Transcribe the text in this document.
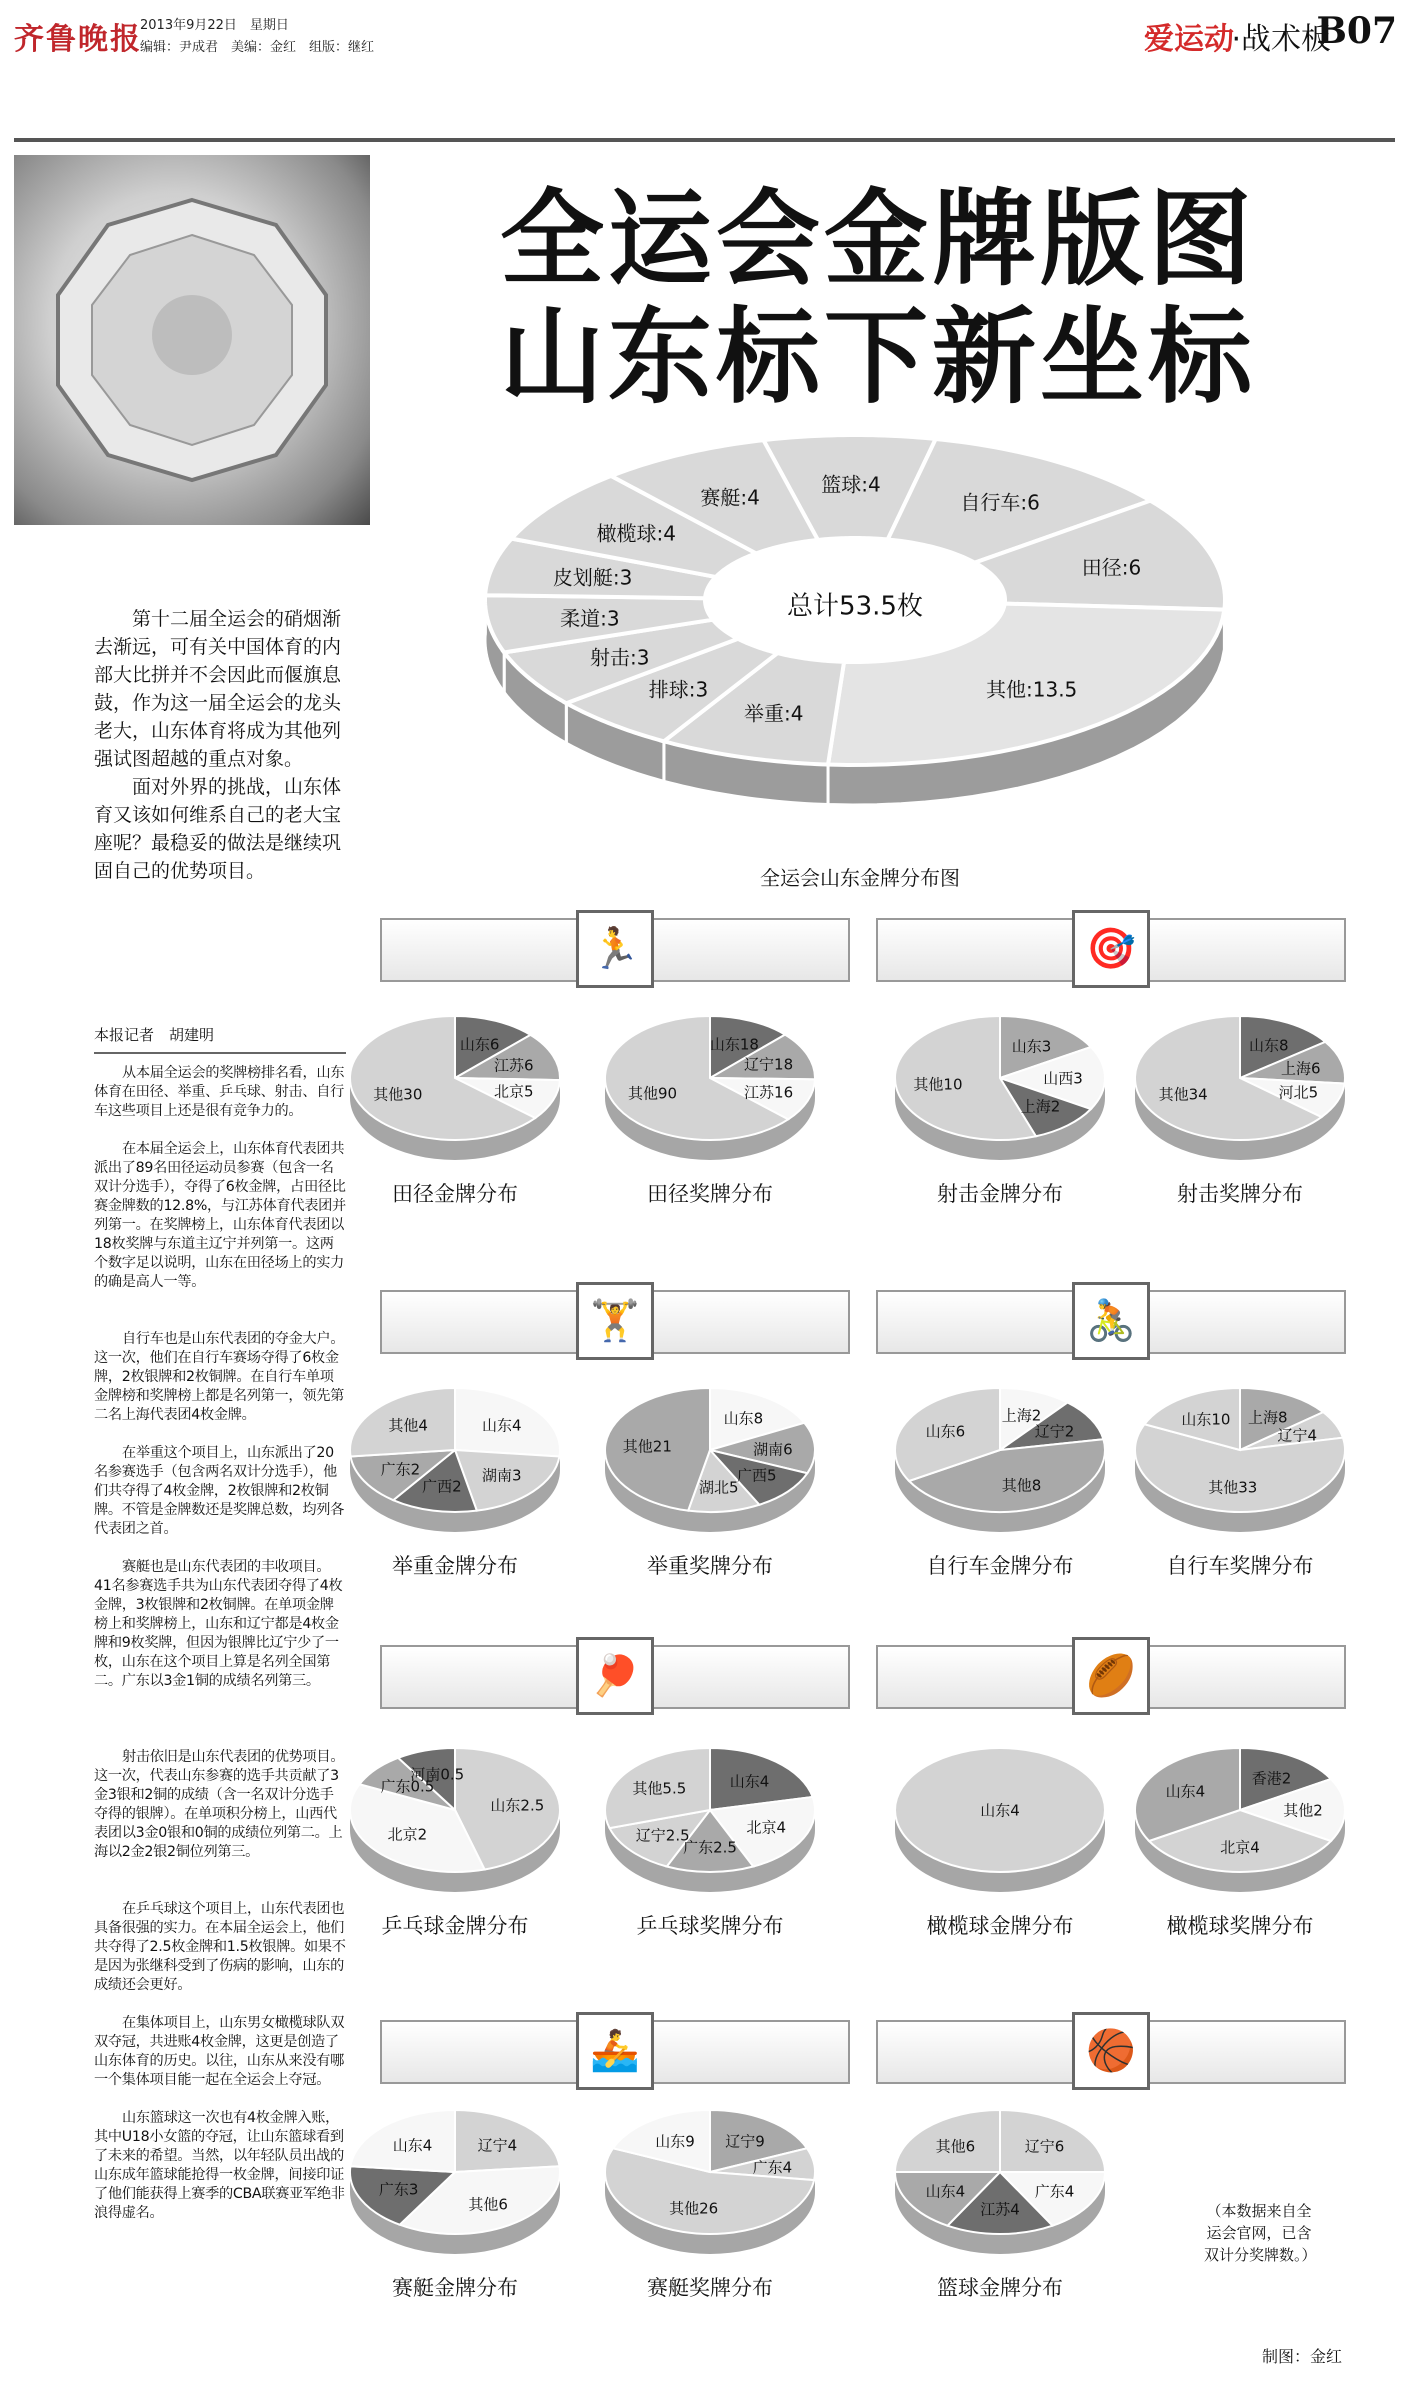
齐鲁晚报
2013年9月22日　星期日
编辑：尹成君　美编：金红　组版：继红	爱运动
·战术板
B07
全运会金牌版图
山东标下新坐标
第十二届全运会的硝烟渐去渐远，可有关中国体育的内部大比拼并不会因此而偃旗息鼓，作为这一届全运会的龙头老大，山东体育将成为其他列强试图超越的重点对象。
面对外界的挑战，山东体育又该如何维系自己的老大宝座呢？最稳妥的做法是继续巩固自己的优势项目。
本报记者　胡建明
从本届全运会的奖牌榜排名看，山东体育在田径、举重、乒乓球、射击、自行车这些项目上还是很有竞争力的。
在本届全运会上，山东体育代表团共派出了89名田径运动员参赛（包含一名双计分选手），夺得了6枚金牌，占田径比赛金牌数的12.8%，与江苏体育代表团并列第一。在奖牌榜上，山东体育代表团以18枚奖牌与东道主辽宁并列第一。这两个数字足以说明，山东在田径场上的实力的确是高人一等。
自行车也是山东代表团的夺金大户。这一次，他们在自行车赛场夺得了6枚金牌，2枚银牌和2枚铜牌。在自行车单项金牌榜和奖牌榜上都是名列第一，领先第二名上海代表团4枚金牌。
在举重这个项目上，山东派出了20名参赛选手（包含两名双计分选手），他们共夺得了4枚金牌，2枚银牌和2枚铜牌。不管是金牌数还是奖牌总数，均列各代表团之首。
赛艇也是山东代表团的丰收项目。41名参赛选手共为山东代表团夺得了4枚金牌，3枚银牌和2枚铜牌。在单项金牌榜上和奖牌榜上，山东和辽宁都是4枚金牌和9枚奖牌，但因为银牌比辽宁少了一枚，山东在这个项目上算是名列全国第二。广东以3金1铜的成绩名列第三。
射击依旧是山东代表团的优势项目。这一次，代表山东参赛的选手共贡献了3金3银和2铜的成绩（含一名双计分选手夺得的银牌）。在单项积分榜上，山西代表团以3金0银和0铜的成绩位列第二。上海以2金2银2铜位列第三。
在乒乓球这个项目上，山东代表团也具备很强的实力。在本届全运会上，他们共夺得了2.5枚金牌和1.5枚银牌。如果不是因为张继科受到了伤病的影响，山东的成绩还会更好。
在集体项目上，山东男女橄榄球队双双夺冠，共进账4枚金牌，这更是创造了山东体育的历史。以往，山东从来没有哪一个集体项目能一起在全运会上夺冠。
山东篮球这一次也有4枚金牌入账，其中U18小女篮的夺冠，让山东篮球看到了未来的希望。当然，以年轻队员出战的山东成年篮球能抢得一枚金牌，间接印证了他们能获得上赛季的CBA联赛亚军绝非浪得虚名。
篮球:4
自行车:6
田径:6
其他:13.5
举重:4
排球:3
射击:3
柔道:3
皮划艇:3
橄榄球:4
赛艇:4
总计53.5枚
全运会山东金牌分布图
🏃	🎯
🏋	🚴
🏓	🏉
🚣	🏀
山东6
江苏6
北京5
其他30
田径金牌分布
山东18
辽宁18
江苏16
其他90
田径奖牌分布
山东3
山西3
上海2
其他10
射击金牌分布
山东8
上海6
河北5
其他34
射击奖牌分布
山东4
湖南3
广西2
广东2
其他4
举重金牌分布
山东8
湖南6
广西5
湖北5
其他21
举重奖牌分布
上海2
辽宁2
其他8
山东6
自行车金牌分布
上海8
辽宁4
其他33
山东10
自行车奖牌分布
山东2.5
北京2
广东0.5
河南0.5
乒乓球金牌分布
山东4
北京4
广东2.5
辽宁2.5
其他5.5
乒乓球奖牌分布
山东4
橄榄球金牌分布
香港2
其他2
北京4
山东4
橄榄球奖牌分布
辽宁4
其他6
广东3
山东4
赛艇金牌分布
辽宁9
广东4
其他26
山东9
赛艇奖牌分布
辽宁6
广东4
江苏4
山东4
其他6
篮球金牌分布
（本数据来自全运会官网，已含双计分奖牌数。）
制图：金红
